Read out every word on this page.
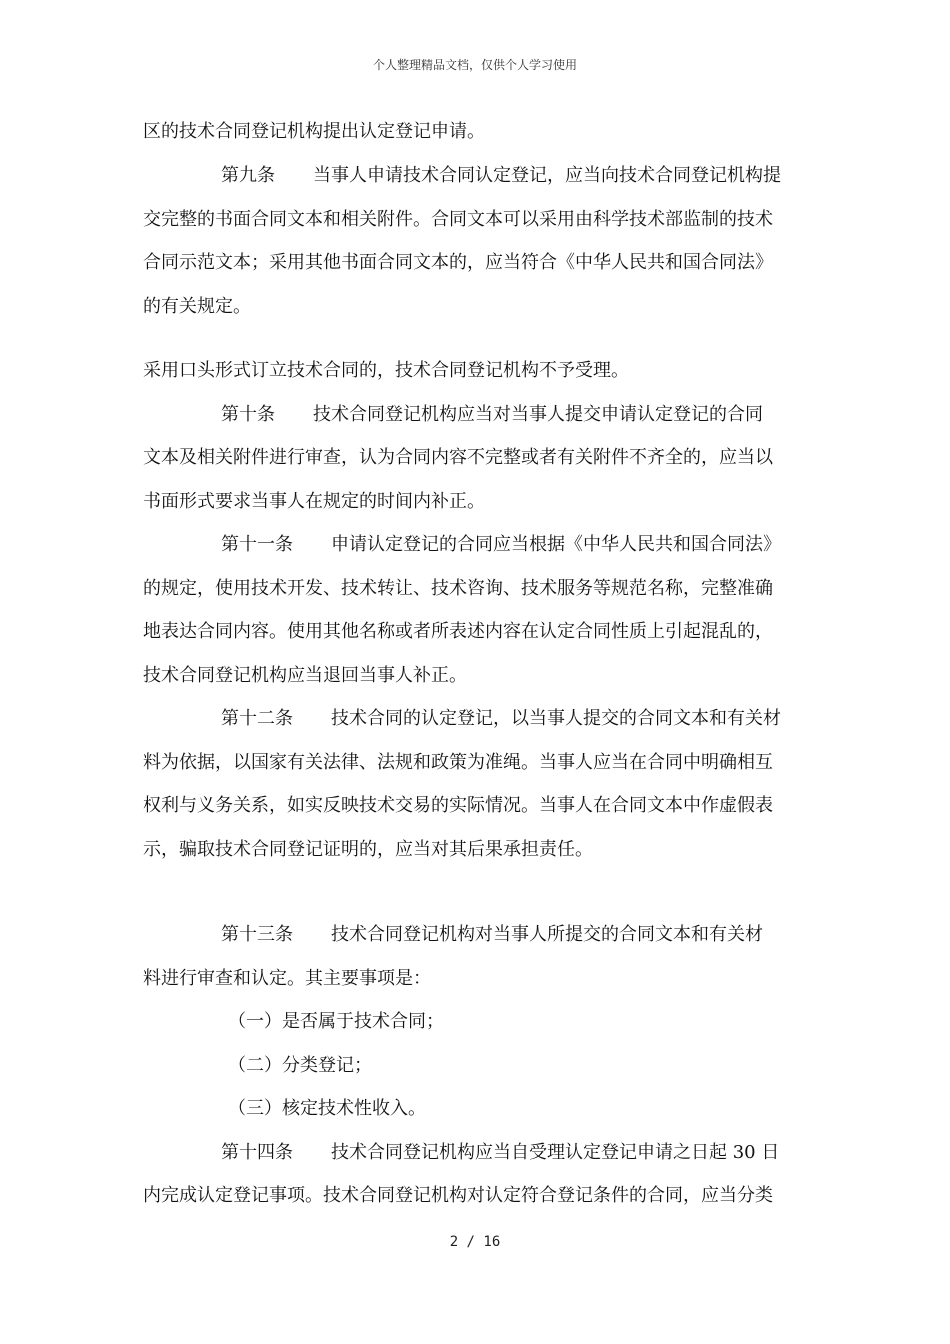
个人整理精品文档，仅供个人学习使用
区的技术合同登记机构提出认定登记申请。
第九条 当事人申请技术合同认定登记，应当向技术合同登记机构提
交完整的书面合同文本和相关附件。合同文本可以采用由科学技术部监制的技术
合同示范文本；采用其他书面合同文本的，应当符合《中华人民共和国合同法》
的有关规定。
采用口头形式订立技术合同的，技术合同登记机构不予受理。
第十条 技术合同登记机构应当对当事人提交申请认定登记的合同
文本及相关附件进行审查，认为合同内容不完整或者有关附件不齐全的，应当以
书面形式要求当事人在规定的时间内补正。
第十一条 申请认定登记的合同应当根据《中华人民共和国合同法》
的规定，使用技术开发、技术转让、技术咨询、技术服务等规范名称，完整准确
地表达合同内容。使用其他名称或者所表述内容在认定合同性质上引起混乱的，
技术合同登记机构应当退回当事人补正。
第十二条 技术合同的认定登记，以当事人提交的合同文本和有关材
料为依据，以国家有关法律、法规和政策为准绳。当事人应当在合同中明确相互
权利与义务关系，如实反映技术交易的实际情况。当事人在合同文本中作虚假表
示，骗取技术合同登记证明的，应当对其后果承担责任。
第十三条 技术合同登记机构对当事人所提交的合同文本和有关材
料进行审查和认定。其主要事项是：
（一）是否属于技术合同；
（二）分类登记；
（三）核定技术性收入。
第十四条 技术合同登记机构应当自受理认定登记申请之日起 30 日
内完成认定登记事项。技术合同登记机构对认定符合登记条件的合同，应当分类
2 / 16
